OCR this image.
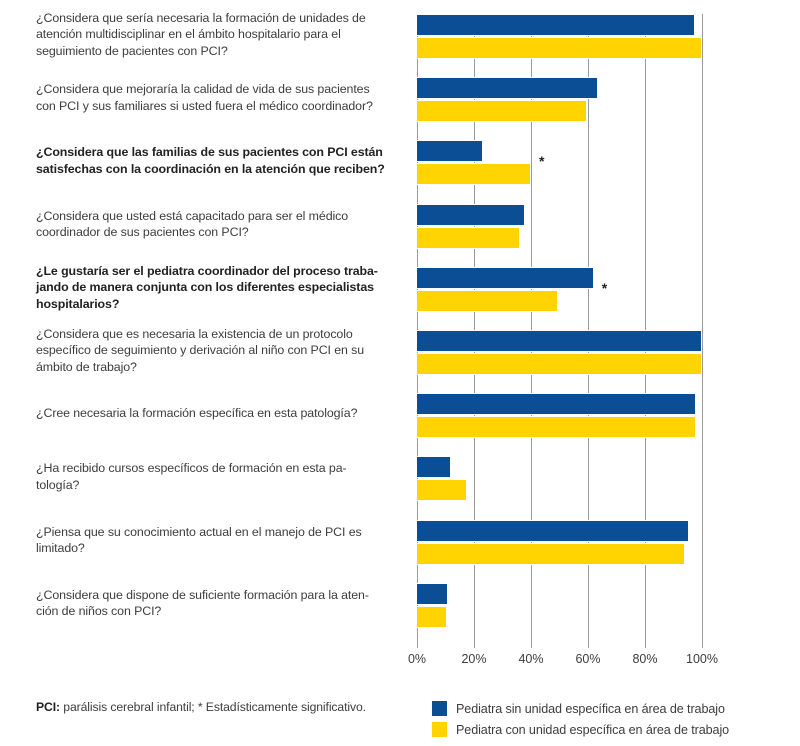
¿Considera que sería necesaria la formación de unidades de
atención multidisciplinar en el ámbito hospitalario para el
seguimiento de pacientes con PCI?
¿Considera que mejoraría la calidad de vida de sus pacientes
con PCI y sus familiares si usted fuera el médico coordinador?
¿Considera que las familias de sus pacientes con PCI están
satisfechas con la coordinación en la atención que reciben?
¿Considera que usted está capacitado para ser el médico
coordinador de sus pacientes con PCI?
¿Le gustaría ser el pediatra coordinador del proceso traba-
jando de manera conjunta con los diferentes especialistas
hospitalarios?
¿Considera que es necesaria la existencia de un protocolo
específico de seguimiento y derivación al niño con PCI en su
ámbito de trabajo?
¿Cree necesaria la formación específica en esta patología?
¿Ha recibido cursos específicos de formación en esta pa-
tología?
¿Piensa que su conocimiento actual en el manejo de PCI es
limitado?
¿Considera que dispone de suficiente formación para la aten-
ción de niños con PCI?
*
*
0%	20%	40%	60%	80% 100%
PCI: parálisis cerebral infantil; * Estadísticamente significativo.	Pediatra sin unidad específica en área de trabajo
Pediatra con unidad específica en área de trabajo
